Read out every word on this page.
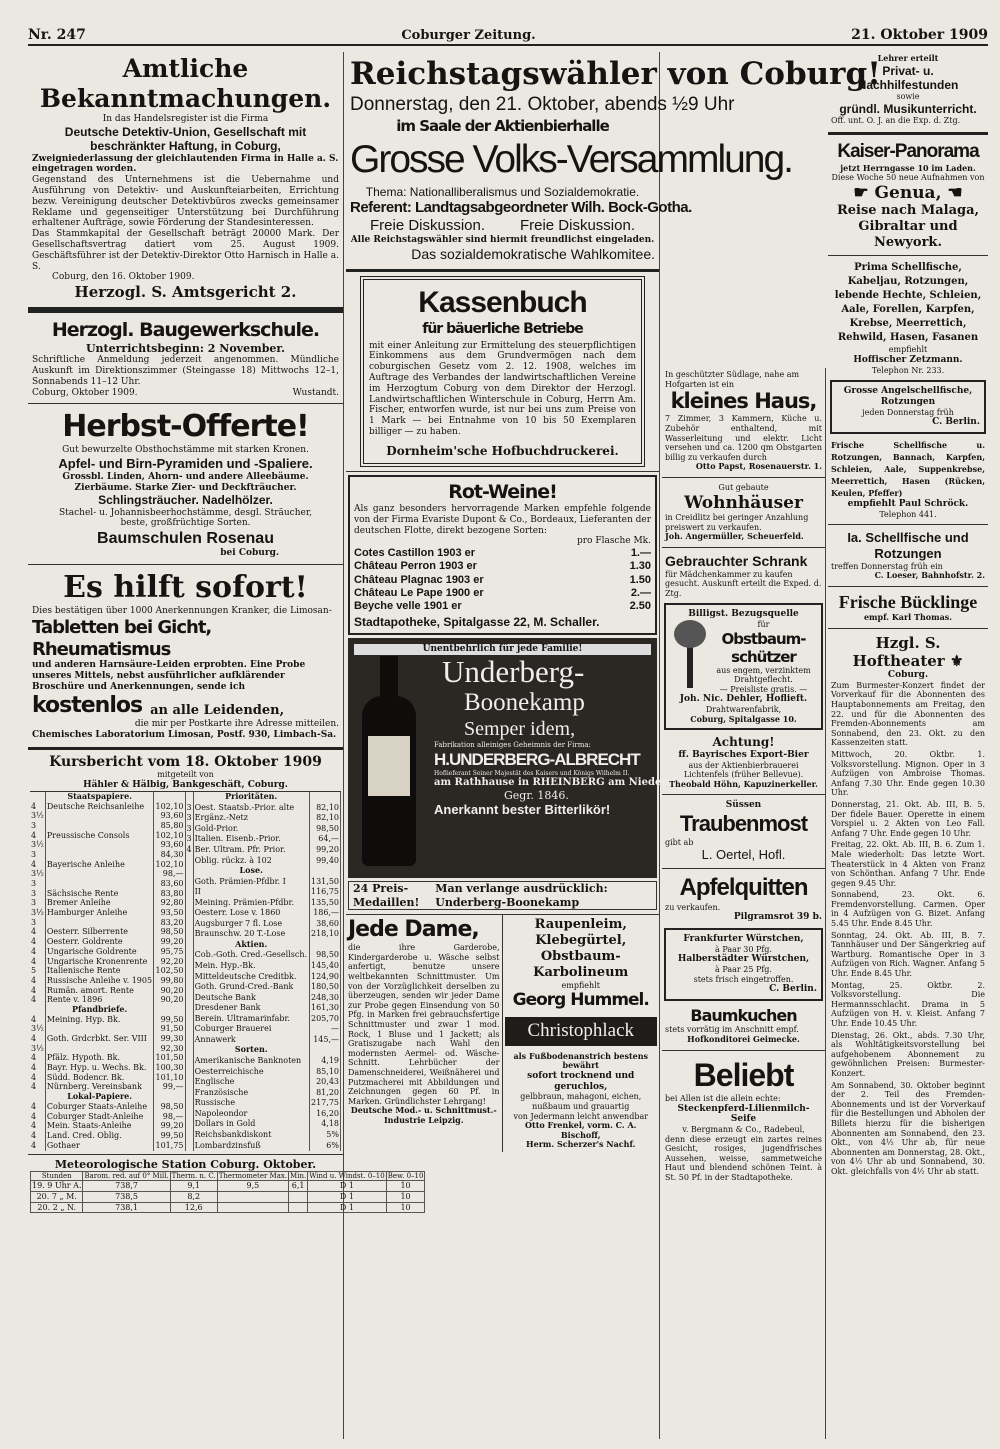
Nr. 247	Coburger Zeitung.	21. Oktober 1909
Amtliche Bekanntmachungen.
In das Handelsregister ist die Firma
Deutsche Detektiv-Union, Gesellschaft mit beschränkter Haftung, in Coburg,
Zweigniederlassung der gleichlautenden Firma in Halle a. S. eingetragen worden.
Gegenstand des Unternehmens ist die Uebernahme und Ausführung von Detektiv- und Auskunfteiarbeiten, Errichtung bezw. Vereinigung deutscher Detektivbüros zwecks gemeinsamer Reklame und gegenseitiger Unterstützung bei Durchführung erhaltener Aufträge, sowie Förderung der Standesinteressen.
Das Stammkapital der Gesellschaft beträgt 20000 Mark. Der Gesellschaftsvertrag datiert vom 25. August 1909. Geschäftsführer ist der Detektiv-Direktor Otto Harnisch in Halle a. S.
Coburg, den 16. Oktober 1909.
Herzogl. S. Amtsgericht 2.
Herzogl. Baugewerkschule.
Unterrichtsbeginn: 2 November.
Schriftliche Anmeldung jederzeit angenommen. Mündliche Auskunft im Direktionszimmer (Steingasse 18) Mittwochs 12–1, Sonnabends 11–12 Uhr.
Coburg, Oktober 1909.	Wustandt.
Herbst-Offerte!
Gut bewurzelte Obsthochstämme mit starken Kronen.
Apfel- und Birn-Pyramiden und -Spaliere.
Grossbl. Linden, Ahorn- und andere Alleebäume.
Zierbäume. Starke Zier- und Deckfträucher.
Schlingsträucher. Nadelhölzer.
Stachel- u. Johannisbeerhochstämme, desgl. Sträucher,
beste, großfrüchtige Sorten.
Baumschulen Rosenau
bei Coburg.
Es hilft sofort!
Dies bestätigen über 1000 Anerkennungen Kranker, die Limosan-
Tabletten bei Gicht, Rheumatismus
und anderen Harnsäure-Leiden erprobten. Eine Probe unseres Mittels, nebst ausführlicher aufklärender Broschüre und Anerkennungen, sende ich
kostenlos an alle Leidenden,
die mir per Postkarte ihre Adresse mitteilen.
Chemisches Laboratorium Limosan, Postf. 930, Limbach-Sa.
Kursbericht vom 18. Oktober 1909
mitgeteilt von
Hähler & Hälbig, Bankgeschäft, Coburg.
	Staatspapiere.	
4	Deutsche Reichsanleihe	102,10
3½		93,60
3		85,80
4	Preussische Consols	102,10
3½		93,60
3		84,30
4	Bayerische Anleihe	102,10
3½		98,—
3		83,60
3	Sächsische Rente	83,80
3	Bremer Anleihe	92,80
3½	Hamburger Anleihe	93,50
3		83,20

4	Oesterr. Silberrente	98,50
4	Oesterr. Goldrente	99,20
4	Ungarische Goldrente	95,75
4	Ungarische Kronenrente	92,20
5	Italienische Rente	102,50
4	Russische Anleihe v. 1905	99,80
4	Rumän. amort. Rente	90,20
4	Rente v. 1896	90,20

	Pfandbriefe.	
4	Meining. Hyp. Bk.	99,50
3½		91,50
4	Goth. Grdcrbkt. Ser. VIII	99,30
3½		92,30
4	Pfälz. Hypoth. Bk.	101,50

4	Bayr. Hyp. u. Wechs. Bk.	100,30
4	Südd. Bodencr. Bk.	101,10
4	Nürnberg. Vereinsbank	99,—

	Lokal-Papiere.	
4	Coburger Staats-Anleihe	98,50
4	Coburger Stadt-Anleihe	98,—
4	Mein. Staats-Anleihe	99,20
4	Land. Cred. Oblig.	99,50
4	Gothaer	101,75
	Prioritäten.	
3	Oest. Staatsb.-Prior. alte	82,10
3	Ergänz.-Netz	82,10
3	Gold-Prior.	98,50
3	Italien. Eisenb.-Prior.	64,—
4	Ber. Ultram. Pfr. Prior.	99,20
	Oblig. rückz. à 102	99,40

	Lose.	
	Goth. Prämien-Pfdbr. I	131,50
	II	116,75
	Meining. Prämien-Pfdbr.	135,50
	Oesterr. Lose v. 1860	186,—
	Augsburger 7 fl. Lose	38,60
	Braunschw. 20 T.-Lose	218,10

	Aktien.	
	Cob.-Goth. Cred.-Gesellsch.	98,50
	Mein. Hyp.-Bk.	145,40
	Mitteldeutsche Creditbk.	124,90
	Goth. Grund-Cred.-Bank	180,50
	Deutsche Bank	248,30
	Dresdener Bank	161,30
	Berein. Ultramarinfabr.	205,70
	Coburger Brauerei	—
	Annawerk	145,—

	Sorten.	
	Amerikanische Banknoten	4,19
	Oesterreichische	85,10
	Englische	20,43
	Französische	81,20
	Russische	217,75
	Napoleondor	16,20
	Dollars in Gold	4,18

	Reichsbankdiskont	5%
	Lombardzinsfuß	6%
Meteorologische Station Coburg. Oktober.
Stunden	Barom. red. auf 0° Mill.	Therm. n. C.	Thermometer Max.	Min.	Wind u. Windst. 0–10	Bew. 0–10
19. 9 Uhr A.	738,7	9,1	9,5	6,1	D 1	10
20. 7 „ M.	738,5	8,2			D 1	10
20. 2 „ N.	738,1	12,6			D 1	10
Reichstagswähler von Coburg!
Donnerstag, den 21. Oktober, abends ½9 Uhr
im Saale der Aktienbierhalle
Grosse Volks-Versammlung.
Thema: Nationalliberalismus und Sozialdemokratie.
Referent: Landtagsabgeordneter Wilh. Bock-Gotha.
Freie Diskussion. Freie Diskussion.
Alle Reichstagswähler sind hiermit freundlichst eingeladen.
Das sozialdemokratische Wahlkomitee.
Kassenbuch
für bäuerliche Betriebe
mit einer Anleitung zur Ermittelung des steuerpflichtigen Einkommens aus dem Grundvermögen nach dem coburgischen Gesetz vom 2. 12. 1908, welches im Auftrage des Verbandes der landwirtschaftlichen Vereine im Herzogtum Coburg von dem Direktor der Herzogl. Landwirtschaftlichen Winterschule in Coburg, Herrn Am. Fischer, entworfen wurde, ist nur bei uns zum Preise von 1 Mark — bei Entnahme von 10 bis 50 Exemplaren billiger — zu haben.
Dornheim'sche Hofbuchdruckerei.
Rot-Weine!
Als ganz besonders hervorragende Marken empfehle folgende von der Firma Evariste Dupont & Co., Bordeaux, Lieferanten der deutschen Flotte, direkt bezogene Sorten:
pro Flasche Mk.
Cotes Castillon 1903 er	1.—
Château Perron 1903 er	1.30
Château Plagnac 1903 er	1.50
Château Le Pape 1900 er	2.—
Beyche velle 1901 er	2.50
Stadtapotheke, Spitalgasse 22, M. Schaller.
Unentbehrlich für jede Familie!
Underberg-
Boonekamp
Semper idem,
Fabrikation alleiniges Geheimnis der Firma:
H.UNDERBERG-ALBRECHT
Hoflieferant Seiner Majestät des Kaisers und Königs Wilhelm II.
am Rathhause in RHEINBERG am Niederrhein.
Gegr. 1846.
Anerkannt bester Bitterlikör!
24 Preis-Medaillen!
Man verlange ausdrücklich: Underberg-Boonekamp
Jede Dame,
die ihre Garderobe, Kindergarderobe u. Wäsche selbst anfertigt, benutze unsere weltbekannten Schnittmuster. Um von der Vorzüglichkeit derselben zu überzeugen, senden wir jeder Dame zur Probe gegen Einsendung von 50 Pfg. in Marken frei gebrauchsfertige Schnittmuster und zwar 1 mod. Rock, 1 Bluse und 1 Jackett; als Gratiszugabe nach Wahl den modernsten Aermel- od. Wäsche-Schnitt. Lehrbücher der Damenschneiderei, Weißnäherei und Putzmacherei mit Abbildungen und Zeichnungen gegen 60 Pf. in Marken. Gründlichster Lehrgang!
Deutsche Mod.- u. Schnittmust.-Industrie Leipzig.
Raupenleim, Klebegürtel, Obstbaum-Karbolineum
empfiehlt
Georg Hummel.
Christophlack
als Fußbodenanstrich bestens bewährt
sofort trocknend und geruchlos,
gelbbraun, mahagoni, eichen, nußbaum und grauartig
von Jedermann leicht anwendbar
Otto Frenkel, vorm. C. A. Bischoff,
Herm. Scherzer's Nachf.
In geschützter Südlage, nahe am Hofgarten ist ein
kleines Haus,
7 Zimmer, 3 Kammern, Küche u. Zubehör enthaltend, mit Wasserleitung und elektr. Licht versehen und ca. 1200 qm Obstgarten billig zu verkaufen durch
Otto Papst, Rosenauerstr. 1.
Gut gebaute
Wohnhäuser
in Creidlitz bei geringer Anzahlung preiswert zu verkaufen.
Joh. Angermüller, Scheuerfeld.
Gebrauchter Schrank
für Mädchenkammer zu kaufen gesucht. Auskunft erteilt die Exped. d. Ztg.
Billigst. Bezugsquelle
für
Obstbaum-schützer
aus engem, verzinktem Drahtgeflecht.
— Preisliste gratis. —
Joh. Nic. Dehler, Hoflieft.
Drahtwarenfabrik,
Coburg, Spitalgasse 10.
Achtung!
ff. Bayrisches Export-Bier
aus der Aktienbierbrauerei Lichtenfels (früher Bellevue).
Theobald Höhn, Kapuzinerkeller.
Süssen
Traubenmost
gibt ab
L. Oertel, Hofl.
Apfelquitten
zu verkaufen.
Pilgramsrot 39 b.
Frankfurter Würstchen,
à Paar 30 Pfg.
Halberstädter Würstchen,
à Paar 25 Pfg.
stets frisch eingetroffen.
C. Berlin.
Baumkuchen
stets vorrätig im Anschnitt empf.
Hofkonditorei Geimecke.
Beliebt
bei Allen ist die allein echte:
Steckenpferd-Lilienmilch-Seife
v. Bergmann & Co., Radebeul,
denn diese erzeugt ein zartes reines Gesicht, rosiges, jugendfrisches Aussehen, weisse, sammetweiche Haut und blendend schönen Teint. à St. 50 Pf. in der Stadtapotheke.
Lehrer erteilt
Privat- u. Nachhilfestunden
sowie
gründl. Musikunterricht.
Off. unt. O. J. an die Exp. d. Ztg.
Kaiser-Panorama
jetzt Herrngasse 10 im Laden.
Diese Woche 50 neue Aufnahmen von
☛ Genua, ☚
Reise nach Malaga, Gibraltar und Newyork.
Prima Schellfische, Kabeljau, Rotzungen, lebende Hechte, Schleien, Aale, Forellen, Karpfen, Krebse, Meerrettich, Rehwild, Hasen, Fasanen
empfiehlt
Hoffischer Zetzmann.
Telephon Nr. 233.
Grosse Angelschellfische,
Rotzungen
jeden Donnerstag früh
C. Berlin.
Frische Schellfische u. Rotzungen, Bannach, Karpfen, Schleien, Aale, Suppenkrebse, Meerrettich, Hasen (Rücken, Keulen, Pfeffer)
empfiehlt Paul Schröck.
Telephon 441.
Ia. Schellfische und
Rotzungen
treffen Donnerstag früh ein
C. Loeser, Bahnhofstr. 2.
Frische Bücklinge
empf. Karl Thomas.
Hzgl. S. Hoftheater ⚜
Coburg.
Zum Burmester-Konzert findet der Vorverkauf für die Abonnenten des Hauptabonnements am Freitag, den 22. und für die Abonnenten des Fremden-Abonnements am Sonnabend, den 23. Okt. zu den Kassenzeiten statt.
Mittwoch, 20. Oktbr. 1. Volksvorstellung. Mignon. Oper in 3 Aufzügen von Ambroise Thomas. Anfang 7.30 Uhr. Ende gegen 10.30 Uhr.
Donnerstag, 21. Okt. Ab. III, B. 5. Der fidele Bauer. Operette in einem Vorspiel u. 2 Akten von Leo Fall. Anfang 7 Uhr. Ende gegen 10 Uhr.
Freitag, 22. Okt. Ab. III, B. 6. Zum 1. Male wiederholt: Das letzte Wort. Theaterstück in 4 Akten von Franz von Schönthan. Anfang 7 Uhr. Ende gegen 9.45 Uhr.
Sonnabend, 23. Okt. 6. Fremdenvorstellung. Carmen. Oper in 4 Aufzügen von G. Bizet. Anfang 5.45 Uhr. Ende 8.45 Uhr.
Sonntag, 24. Okt. Ab. III, B. 7. Tannhäuser und Der Sängerkrieg auf Wartburg. Romantische Oper in 3 Aufzügen von Rich. Wagner. Anfang 5 Uhr. Ende 8.45 Uhr.
Montag, 25. Oktbr. 2. Volksvorstellung. Die Hermannsschlacht. Drama in 5 Aufzügen von H. v. Kleist. Anfang 7 Uhr. Ende 10.45 Uhr.
Dienstag, 26. Okt., abds. 7.30 Uhr, als Wohltätigkeitsvorstellung bei aufgehobenem Abonnement zu gewöhnlichen Preisen: Burmester-Konzert.
Am Sonnabend, 30. Oktober beginnt der 2. Teil des Fremden-Abonnements und ist der Vorverkauf für die Bestellungen und Abholen der Billets hierzu für die bisherigen Abonnenten am Sonnabend, den 23. Okt., von 4½ Uhr ab, für neue Abonnenten am Donnerstag, 28. Okt., von 4½ Uhr ab und Sonnabend, 30. Okt. gleichfalls von 4½ Uhr ab statt.
